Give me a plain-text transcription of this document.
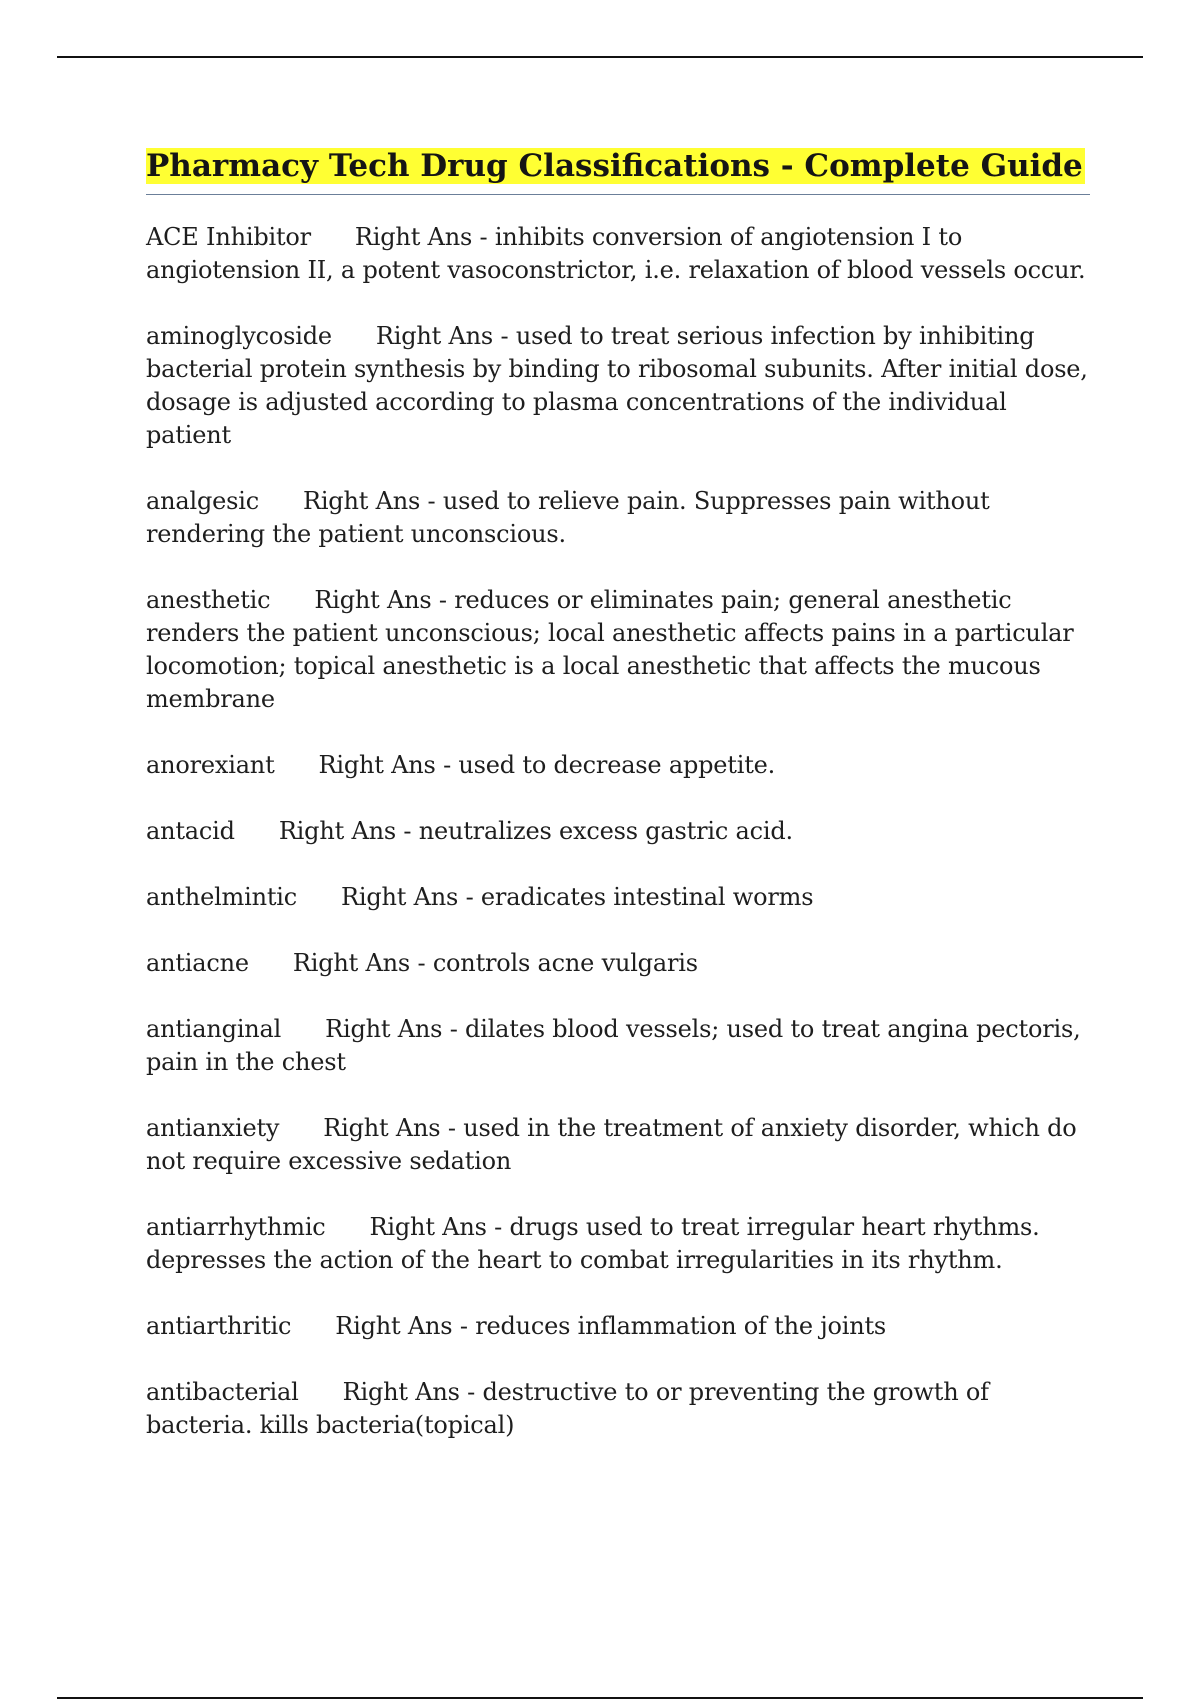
Pharmacy Tech Drug Classifications - Complete Guide

ACE Inhibitor Right Ans - inhibits conversion of angiotension I to angiotension II, a potent vasoconstrictor, i.e. relaxation of blood vessels occur.

aminoglycoside Right Ans - used to treat serious infection by inhibiting bacterial protein synthesis by binding to ribosomal subunits. After initial dose, dosage is adjusted according to plasma concentrations of the individual patient

analgesic Right Ans - used to relieve pain. Suppresses pain without rendering the patient unconscious.

anesthetic Right Ans - reduces or eliminates pain; general anesthetic renders the patient unconscious; local anesthetic affects pains in a particular locomotion; topical anesthetic is a local anesthetic that affects the mucous membrane

anorexiant Right Ans - used to decrease appetite.

antacid Right Ans - neutralizes excess gastric acid.

anthelmintic Right Ans - eradicates intestinal worms

antiacne Right Ans - controls acne vulgaris

antianginal Right Ans - dilates blood vessels; used to treat angina pectoris, pain in the chest

antianxiety Right Ans - used in the treatment of anxiety disorder, which do not require excessive sedation

antiarrhythmic Right Ans - drugs used to treat irregular heart rhythms. depresses the action of the heart to combat irregularities in its rhythm.

antiarthritic Right Ans - reduces inflammation of the joints

antibacterial Right Ans - destructive to or preventing the growth of bacteria. kills bacteria(topical)
